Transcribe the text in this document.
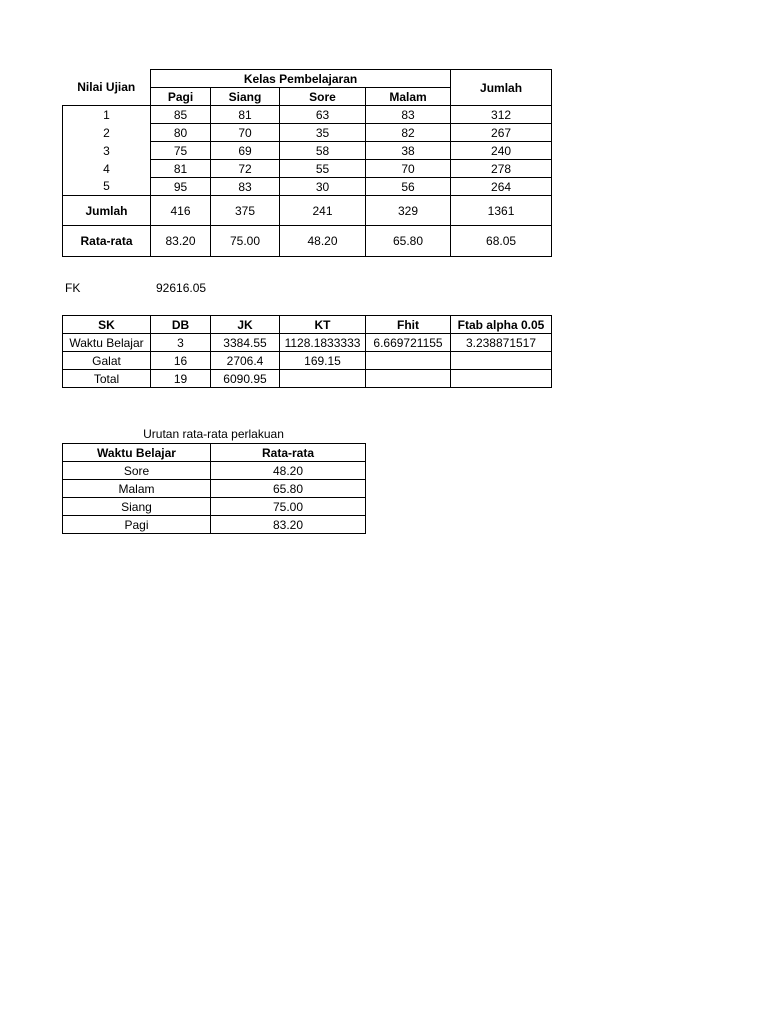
Nilai Ujian	Kelas Pembelajaran				Jumlah
	Pagi	Siang	Sore	Malam	
1	85	81	63	83	312
2	80	70	35	82	267
3	75	69	58	38	240
4	81	72	55	70	278
5	95	83	30	56	264
Jumlah	416	375	241	329	1361
Rata-rata	83.20	75.00	48.20	65.80	68.05
FK	92616.05
SK	DB	JK	KT	Fhit	Ftab alpha 0.05
Waktu Belajar	3	3384.55	1128.1833333	6.669721155	3.238871517
Galat	16	2706.4	169.15		
Total	19	6090.95			
Urutan rata-rata perlakuan
Waktu Belajar	Rata-rata
Sore	48.20
Malam	65.80
Siang	75.00
Pagi	83.20
